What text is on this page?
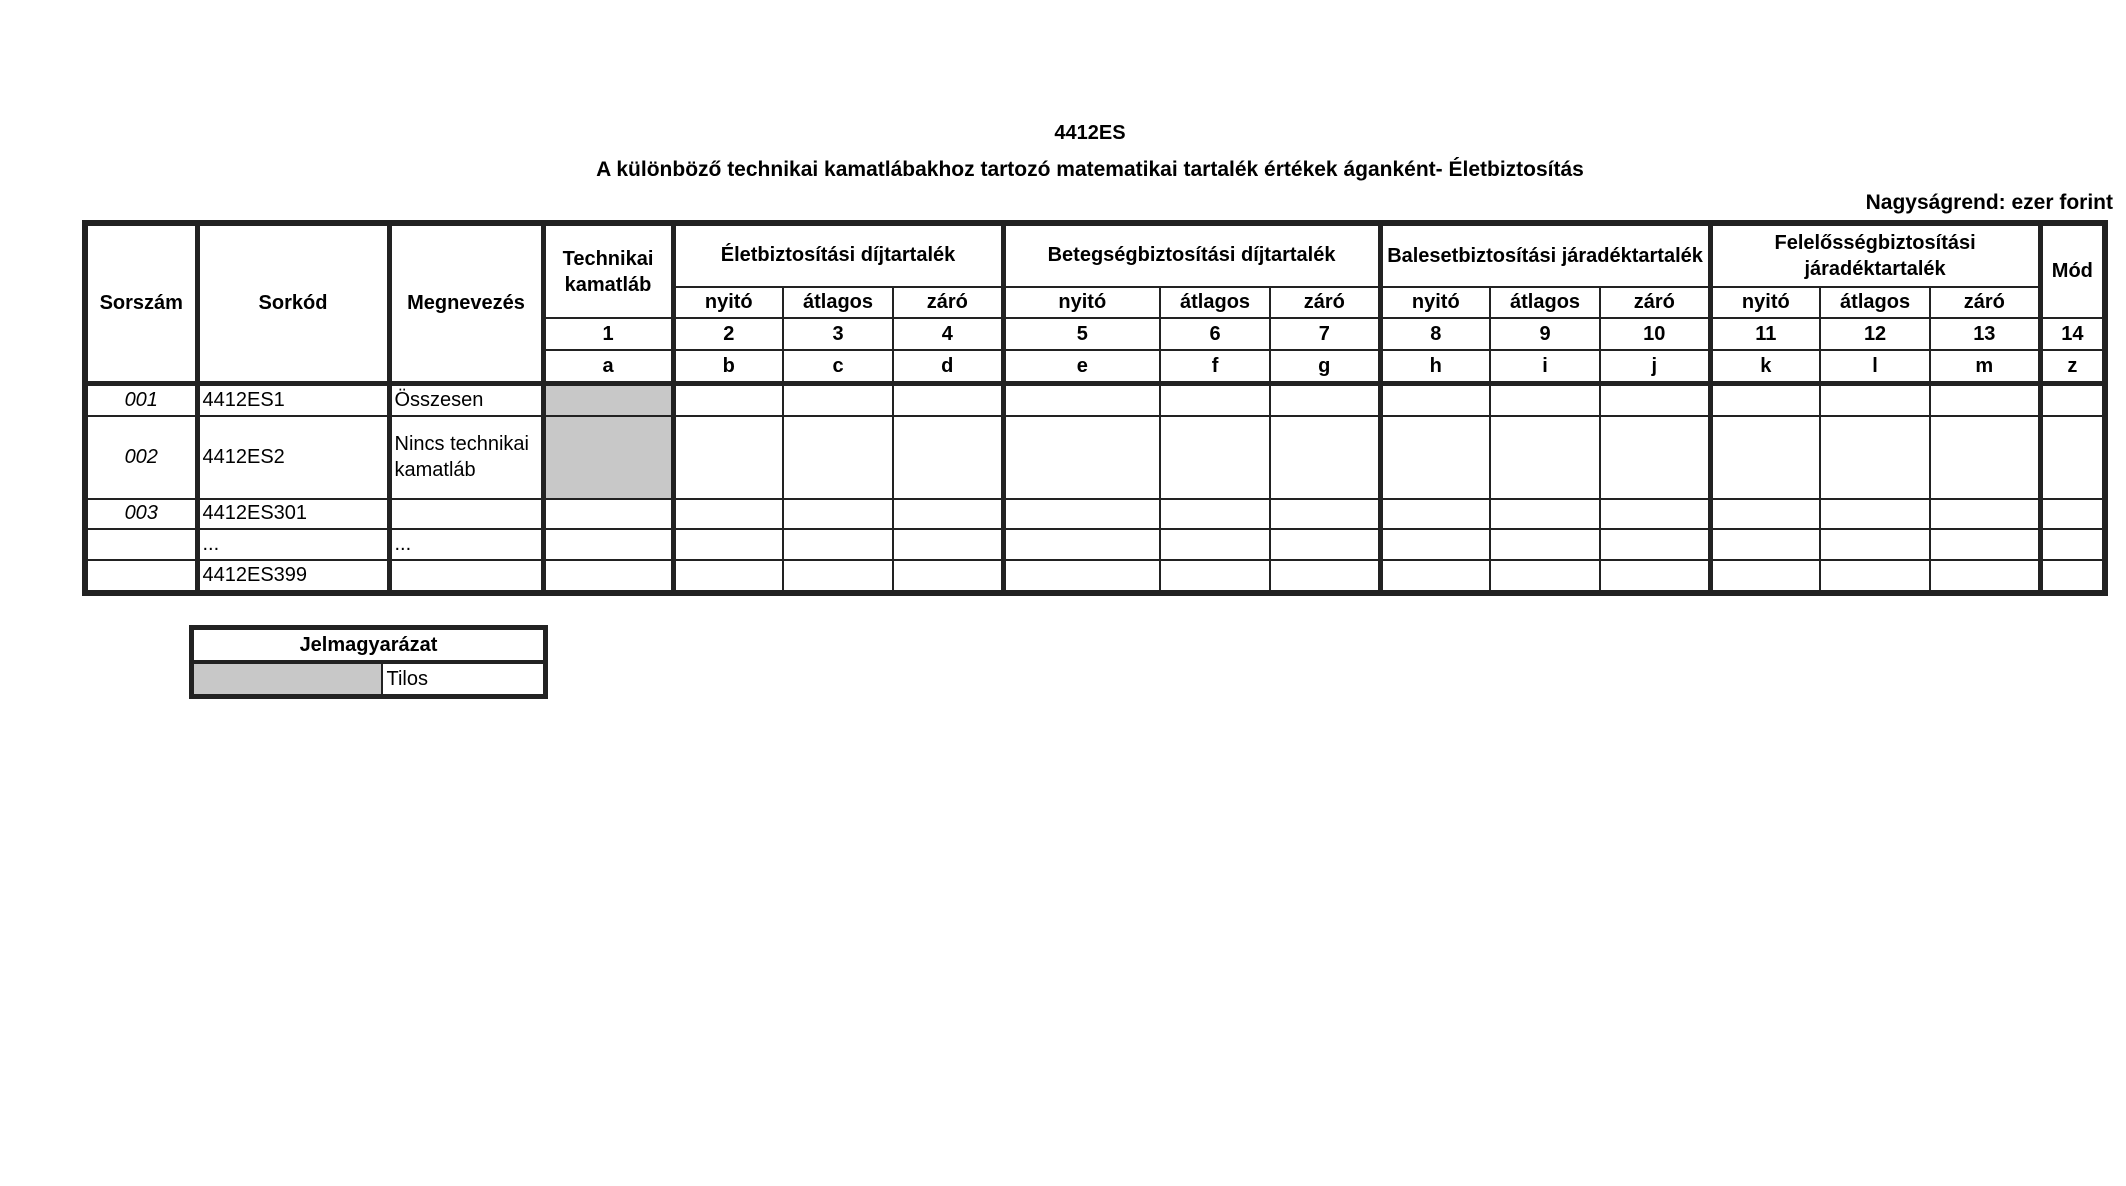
4412ES
A különböző technikai kamatlábakhoz tartozó matematikai tartalék értékek áganként- Életbiztosítás
Nagyságrend: ezer forint
Sorszám	Sorkód	Megnevezés	Technikai kamatláb	Életbiztosítási díjtartalék			Betegségbiztosítási díjtartalék			Balesetbiztosítási járadéktartalék			Felelősségbiztosítási járadéktartalék			Mód
				nyitó	átlagos	záró	nyitó	átlagos	záró	nyitó	átlagos	záró	nyitó	átlagos	záró	
			1	2	3	4	5	6	7	8	9	10	11	12	13	14
			a	b	c	d	e	f	g	h	i	j	k	l	m	z
001	4412ES1	Összesen														
002	4412ES2	Nincs technikai kamatláb														
003	4412ES301															
	...	...														
	4412ES399															
Jelmagyarázat
	Tilos
